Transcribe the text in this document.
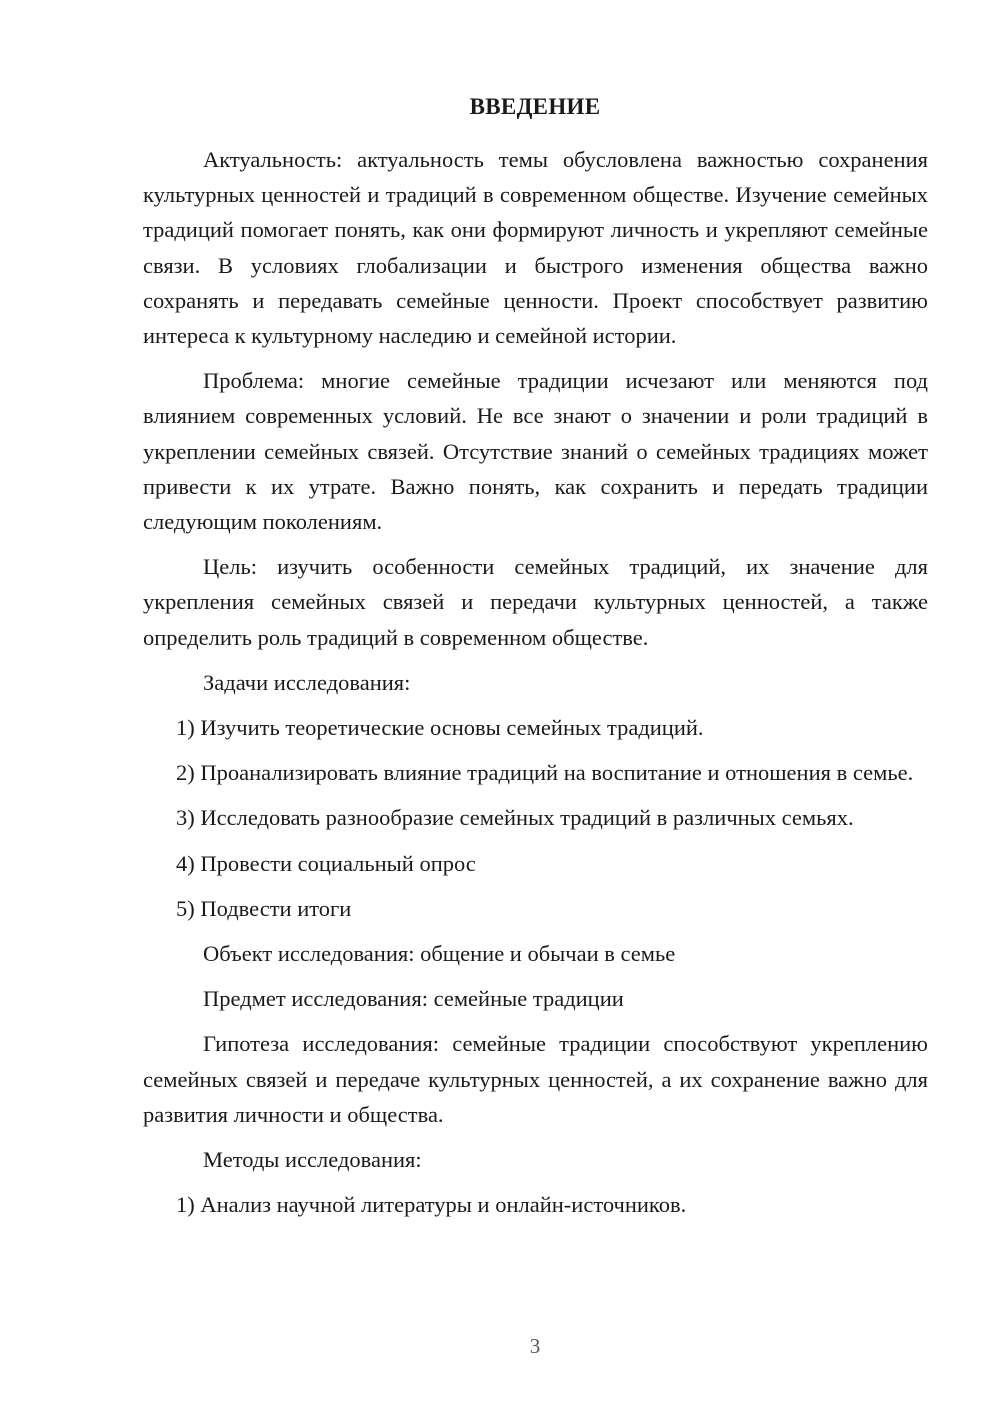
ВВЕДЕНИЕ

Актуальность: актуальность темы обусловлена важностью сохранения культурных ценностей и традиций в современном обществе. Изучение семейных традиций помогает понять, как они формируют личность и укрепляют семейные связи. В условиях глобализации и быстрого изменения общества важно сохранять и передавать семейные ценности. Проект способствует развитию интереса к культурному наследию и семейной истории.

Проблема: многие семейные традиции исчезают или меняются под влиянием современных условий. Не все знают о значении и роли традиций в укреплении семейных связей. Отсутствие знаний о семейных традициях может привести к их утрате. Важно понять, как сохранить и передать традиции следующим поколениям.

Цель: изучить особенности семейных традиций, их значение для укрепления семейных связей и передачи культурных ценностей, а также определить роль традиций в современном обществе.

Задачи исследования:

1) Изучить теоретические основы семейных традиций.

2) Проанализировать влияние традиций на воспитание и отношения в семье.

3) Исследовать разнообразие семейных традиций в различных семьях.

4) Провести социальный опрос

5) Подвести итоги

Объект исследования: общение и обычаи в семье

Предмет исследования: семейные традиции

Гипотеза исследования: семейные традиции способствуют укреплению семейных связей и передаче культурных ценностей, а их сохранение важно для развития личности и общества.

Методы исследования:

1) Анализ научной литературы и онлайн-источников.

3
